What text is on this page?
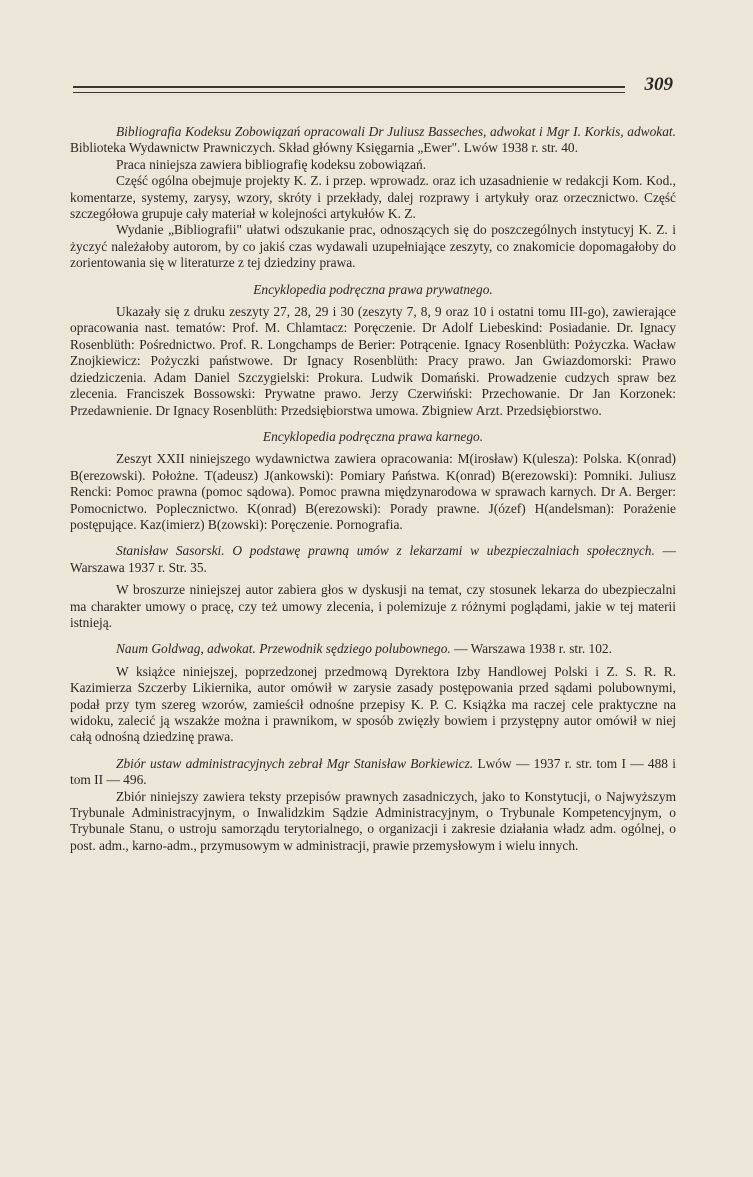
309

Bibliografia Kodeksu Zobowiązań opracowali Dr Juliusz Basseches, adwokat i Mgr I. Korkis, adwokat. Biblioteka Wydawnictw Prawniczych. Skład główny Księgarnia „Ewer". Lwów 1938 r. str. 40.

Praca niniejsza zawiera bibliografię kodeksu zobowiązań.

Część ogólna obejmuje projekty K. Z. i przep. wprowadz. oraz ich uzasadnienie w redakcji Kom. Kod., komentarze, systemy, zarysy, wzory, skróty i przekłady, dalej rozprawy i artykuły oraz orzecznictwo. Część szczegółowa grupuje cały materiał w kolejności artykułów K. Z.

Wydanie „Bibliografii" ułatwi odszukanie prac, odnoszących się do poszczególnych instytucyj K. Z. i życzyć należałoby autorom, by co jakiś czas wydawali uzupełniające zeszyty, co znakomicie dopomagałoby do zorientowania się w literaturze z tej dziedziny prawa.

Encyklopedia podręczna prawa prywatnego.

Ukazały się z druku zeszyty 27, 28, 29 i 30 (zeszyty 7, 8, 9 oraz 10 i ostatni tomu III-go), zawierające opracowania nast. tematów: Prof. M. Chlamtacz: Poręczenie. Dr Adolf Liebeskind: Posiadanie. Dr. Ignacy Rosenblüth: Pośrednictwo. Prof. R. Longchamps de Berier: Potrącenie. Ignacy Rosenblüth: Pożyczka. Wacław Znojkiewicz: Pożyczki państwowe. Dr Ignacy Rosenblüth: Pracy prawo. Jan Gwiazdomorski: Prawo dziedziczenia. Adam Daniel Szczygielski: Prokura. Ludwik Domański. Prowadzenie cudzych spraw bez zlecenia. Franciszek Bossowski: Prywatne prawo. Jerzy Czerwiński: Przechowanie. Dr Jan Korzonek: Przedawnienie. Dr Ignacy Rosenblüth: Przedsiębiorstwa umowa. Zbigniew Arzt. Przedsiębiorstwo.

Encyklopedia podręczna prawa karnego.

Zeszyt XXII niniejszego wydawnictwa zawiera opracowania: M(irosław) K(ulesza): Polska. K(onrad) B(erezowski). Położne. T(adeusz) J(ankowski): Pomiary Państwa. K(onrad) B(erezowski): Pomniki. Juliusz Rencki: Pomoc prawna (pomoc sądowa). Pomoc prawna międzynarodowa w sprawach karnych. Dr A. Berger: Pomocnictwo. Poplecznictwo. K(onrad) B(erezowski): Porady prawne. J(ózef) H(andelsman): Porażenie postępujące. Kaz(imierz) B(zowski): Poręczenie. Pornografia.

Stanisław Sasorski. O podstawę prawną umów z lekarzami w ubezpieczalniach społecznych. — Warszawa 1937 r. Str. 35.

W broszurze niniejszej autor zabiera głos w dyskusji na temat, czy stosunek lekarza do ubezpieczalni ma charakter umowy o pracę, czy też umowy zlecenia, i polemizuje z różnymi poglądami, jakie w tej materii istnieją.

Naum Goldwag, adwokat. Przewodnik sędziego polubownego. — Warszawa 1938 r. str. 102.

W książce niniejszej, poprzedzonej przedmową Dyrektora Izby Handlowej Polski i Z. S. R. R. Kazimierza Szczerby Likiernika, autor omówił w zarysie zasady postępowania przed sądami polubownymi, podał przy tym szereg wzorów, zamieścił odnośne przepisy K. P. C. Książka ma raczej cele praktyczne na widoku, zalecić ją wszakże można i prawnikom, w sposób zwięzły bowiem i przystępny autor omówił w niej całą odnośną dziedzinę prawa.

Zbiór ustaw administracyjnych zebrał Mgr Stanisław Borkiewicz. Lwów — 1937 r. str. tom I — 488 i tom II — 496.

Zbiór niniejszy zawiera teksty przepisów prawnych zasadniczych, jako to Konstytucji, o Najwyższym Trybunale Administracyjnym, o Inwalidzkim Sądzie Administracyjnym, o Trybunale Kompetencyjnym, o Trybunale Stanu, o ustroju samorządu terytorialnego, o organizacji i zakresie działania władz adm. ogólnej, o post. adm., karno-adm., przymusowym w administracji, prawie przemysłowym i wielu innych.
